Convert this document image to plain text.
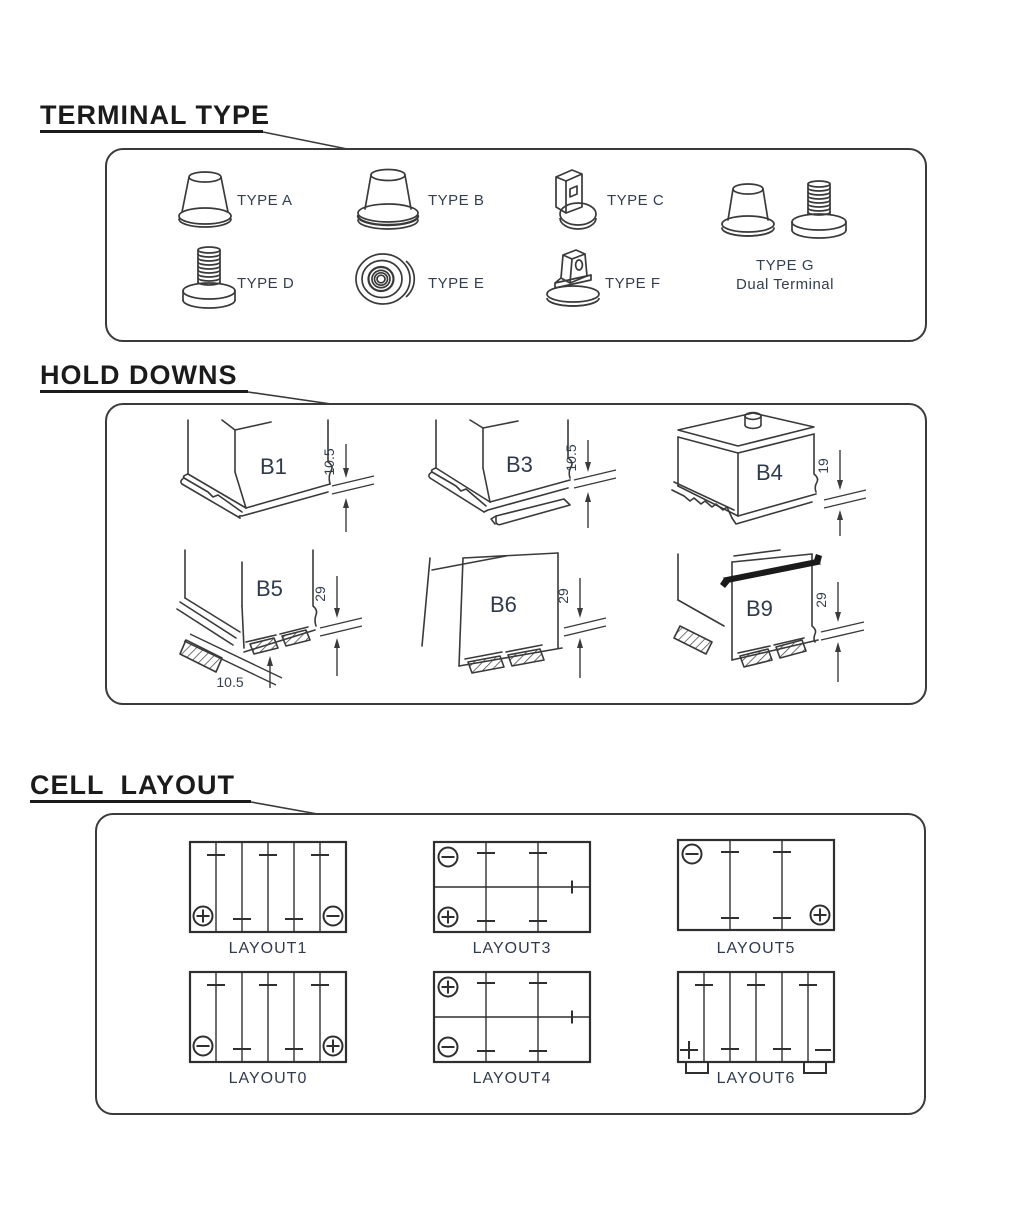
TERMINAL TYPE
TYPE A	TYPE B	TYPE C
TYPE G
Dual Terminal
TYPE D	TYPE E	TYPE F
HOLD DOWNS
10.5
B1	10.5
B3	19
B4
29
10.5
B5	29
B6	29
B9
CELL LAYOUT
LAYOUT1	LAYOUT3	LAYOUT5
LAYOUT0	LAYOUT4	LAYOUT6
